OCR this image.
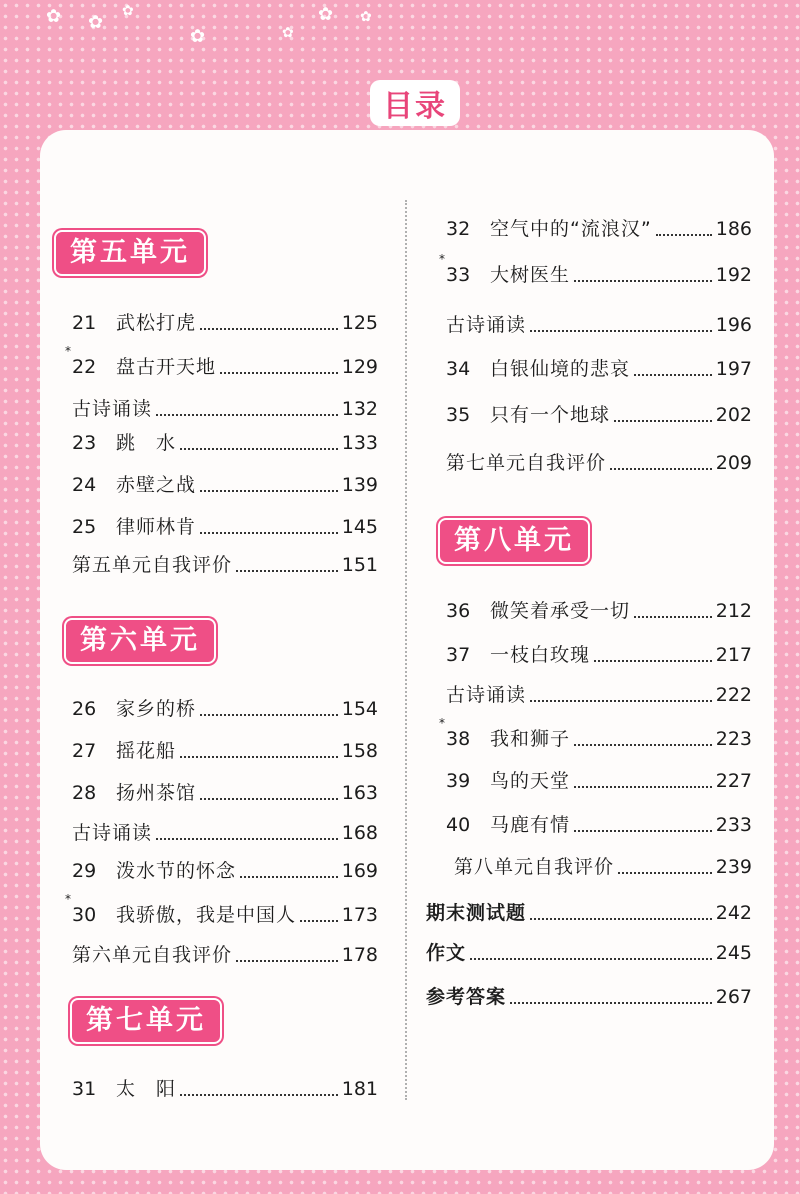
✿ ✿
✿
✿	✿
✿ ✿
目录
第五单元
第六单元
第七单元
第八单元
21	武松打虎	125
*
22	盘古开天地	129
古诗诵读	132
23	跳　水	133
24	赤壁之战	139
25	律师林肯	145
第五单元自我评价	151
26	家乡的桥	154
27	摇花船	158
28	扬州茶馆	163
古诗诵读	168
29	泼水节的怀念	169
*
30	我骄傲，我是中国人 173
第六单元自我评价	178
31	太　阳	181
32	空气中的“流浪汉”	186
*
33	大树医生	192
古诗诵读	196
34	白银仙境的悲哀	197
35	只有一个地球	202
第七单元自我评价	209
36	微笑着承受一切	212
37	一枝白玫瑰	217
古诗诵读	222
*
38	我和狮子	223
39	鸟的天堂	227
40	马鹿有情	233
第八单元自我评价	239
期末测试题	242
作文	245
参考答案	267
